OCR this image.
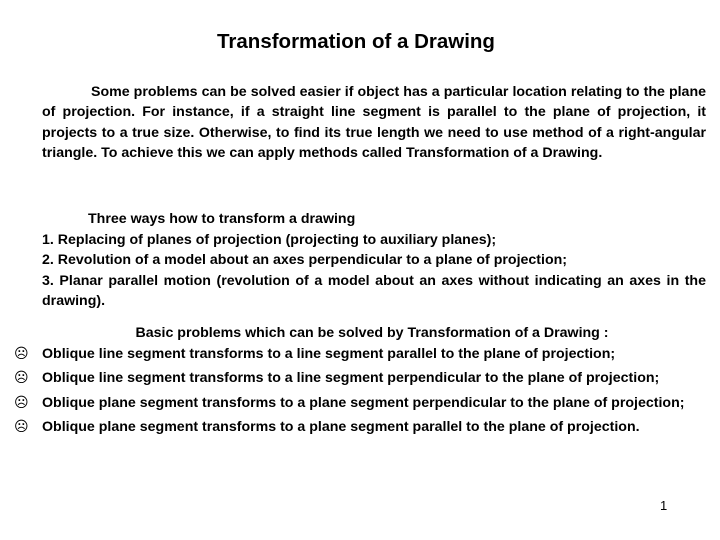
Transformation of a Drawing

Some problems can be solved easier if object has a particular location relating to the plane of projection. For instance, if a straight line segment is parallel to the plane of projection, it projects to a true size. Otherwise, to find its true length we need to use method of a right-angular triangle. To achieve this we can apply methods called Transformation of a Drawing.

Three ways how to transform a drawing

1. Replacing of planes of projection (projecting to auxiliary planes);
2. Revolution of a model about an axes perpendicular to a plane of projection;
3. Planar parallel motion (revolution of a model about an axes without indicating an axes in the drawing).

Basic problems which can be solved by Transformation of a Drawing :

☹ Oblique line segment transforms to a line segment parallel to the plane of projection;
☹ Oblique line segment transforms to a line segment perpendicular to the plane of projection;
☹ Oblique plane segment transforms to a plane segment perpendicular to the plane of projection;
☹ Oblique plane segment transforms to a plane segment parallel to the plane of projection.

1
